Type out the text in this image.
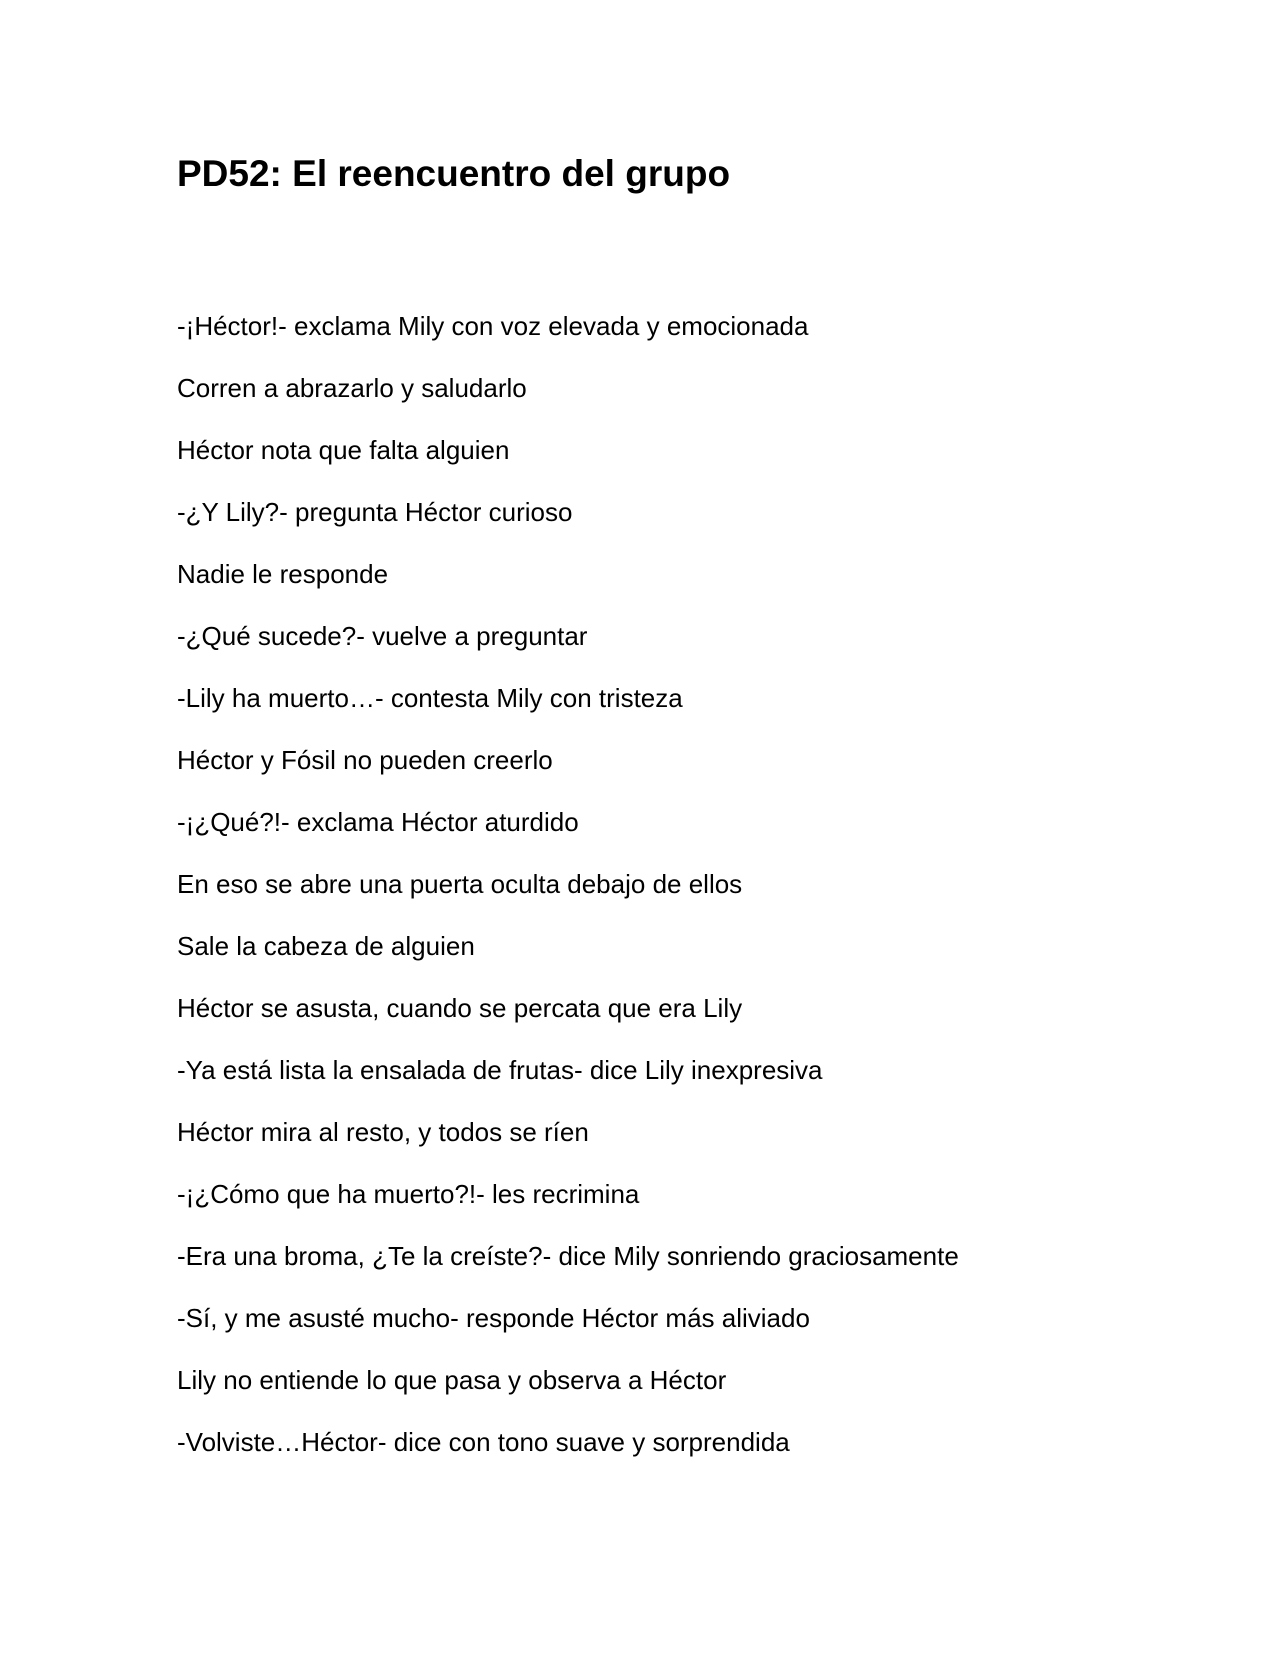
PD52: El reencuentro del grupo
-¡Héctor!- exclama Mily con voz elevada y emocionada
Corren a abrazarlo y saludarlo
Héctor nota que falta alguien
-¿Y Lily?- pregunta Héctor curioso
Nadie le responde
-¿Qué sucede?- vuelve a preguntar
-Lily ha muerto…- contesta Mily con tristeza
Héctor y Fósil no pueden creerlo
-¡¿Qué?!- exclama Héctor aturdido
En eso se abre una puerta oculta debajo de ellos
Sale la cabeza de alguien
Héctor se asusta, cuando se percata que era Lily
-Ya está lista la ensalada de frutas- dice Lily inexpresiva
Héctor mira al resto, y todos se ríen
-¡¿Cómo que ha muerto?!- les recrimina
-Era una broma, ¿Te la creíste?- dice Mily sonriendo graciosamente
-Sí, y me asusté mucho- responde Héctor más aliviado
Lily no entiende lo que pasa y observa a Héctor
-Volviste…Héctor- dice con tono suave y sorprendida
